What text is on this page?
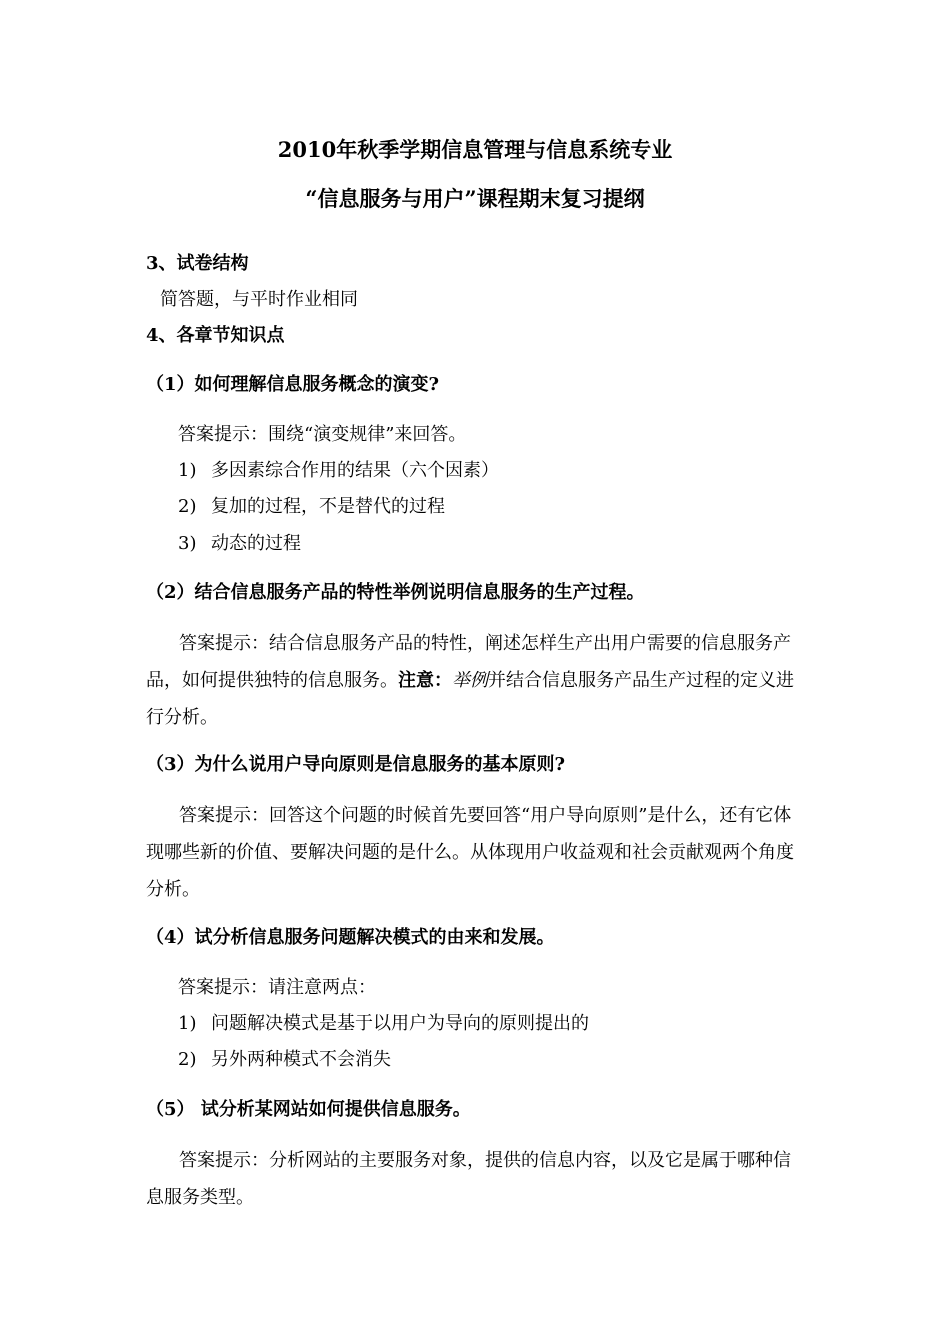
2010年秋季学期信息管理与信息系统专业
“信息服务与用户”课程期末复习提纲
3、试卷结构
简答题，与平时作业相同
4、各章节知识点
（1）如何理解信息服务概念的演变?
答案提示：围绕“演变规律”来回答。
1) 多因素综合作用的结果（六个因素）
2) 复加的过程，不是替代的过程
3) 动态的过程
（2）结合信息服务产品的特性举例说明信息服务的生产过程。
答案提示：结合信息服务产品的特性，阐述怎样生产出用户需要的信息服务产品，如何提供独特的信息服务。注意：举例并结合信息服务产品生产过程的定义进行分析。
（3）为什么说用户导向原则是信息服务的基本原则?
答案提示：回答这个问题的时候首先要回答“用户导向原则”是什么，还有它体现哪些新的价值、要解决问题的是什么。从体现用户收益观和社会贡献观两个角度分析。
（4）试分析信息服务问题解决模式的由来和发展。
答案提示：请注意两点：
1) 问题解决模式是基于以用户为导向的原则提出的
2) 另外两种模式不会消失
（5） 试分析某网站如何提供信息服务。
答案提示：分析网站的主要服务对象，提供的信息内容，以及它是属于哪种信息服务类型。
